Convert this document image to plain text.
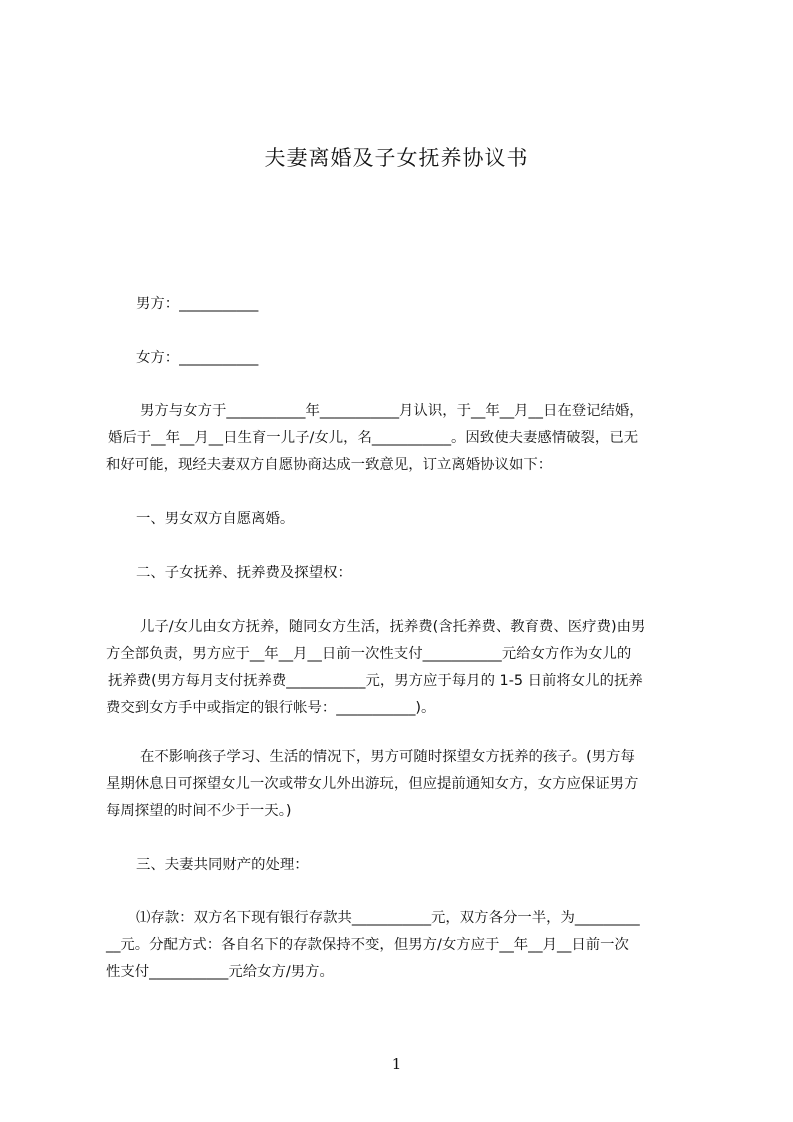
夫妻离婚及子女抚养协议书
男方：___________
女方：___________
男方与女方于___________年___________月认识，于__年__月__日在登记结婚，
婚后于__年__月__日生育一儿子/女儿，名___________。因致使夫妻感情破裂，已无
和好可能，现经夫妻双方自愿协商达成一致意见，订立离婚协议如下：
一、男女双方自愿离婚。
二、子女抚养、抚养费及探望权：
儿子/女儿由女方抚养，随同女方生活，抚养费(含托养费、教育费、医疗费)由男
方全部负责，男方应于__年__月__日前一次性支付___________元给女方作为女儿的
抚养费(男方每月支付抚养费___________元，男方应于每月的 1-5 日前将女儿的抚养
费交到女方手中或指定的银行帐号：___________)。
在不影响孩子学习、生活的情况下，男方可随时探望女方抚养的孩子。(男方每
星期休息日可探望女儿一次或带女儿外出游玩，但应提前通知女方，女方应保证男方
每周探望的时间不少于一天。)
三、夫妻共同财产的处理：
⑴存款：双方名下现有银行存款共___________元，双方各分一半，为_________
__元。分配方式：各自名下的存款保持不变，但男方/女方应于__年__月__日前一次
性支付___________元给女方/男方。
1
